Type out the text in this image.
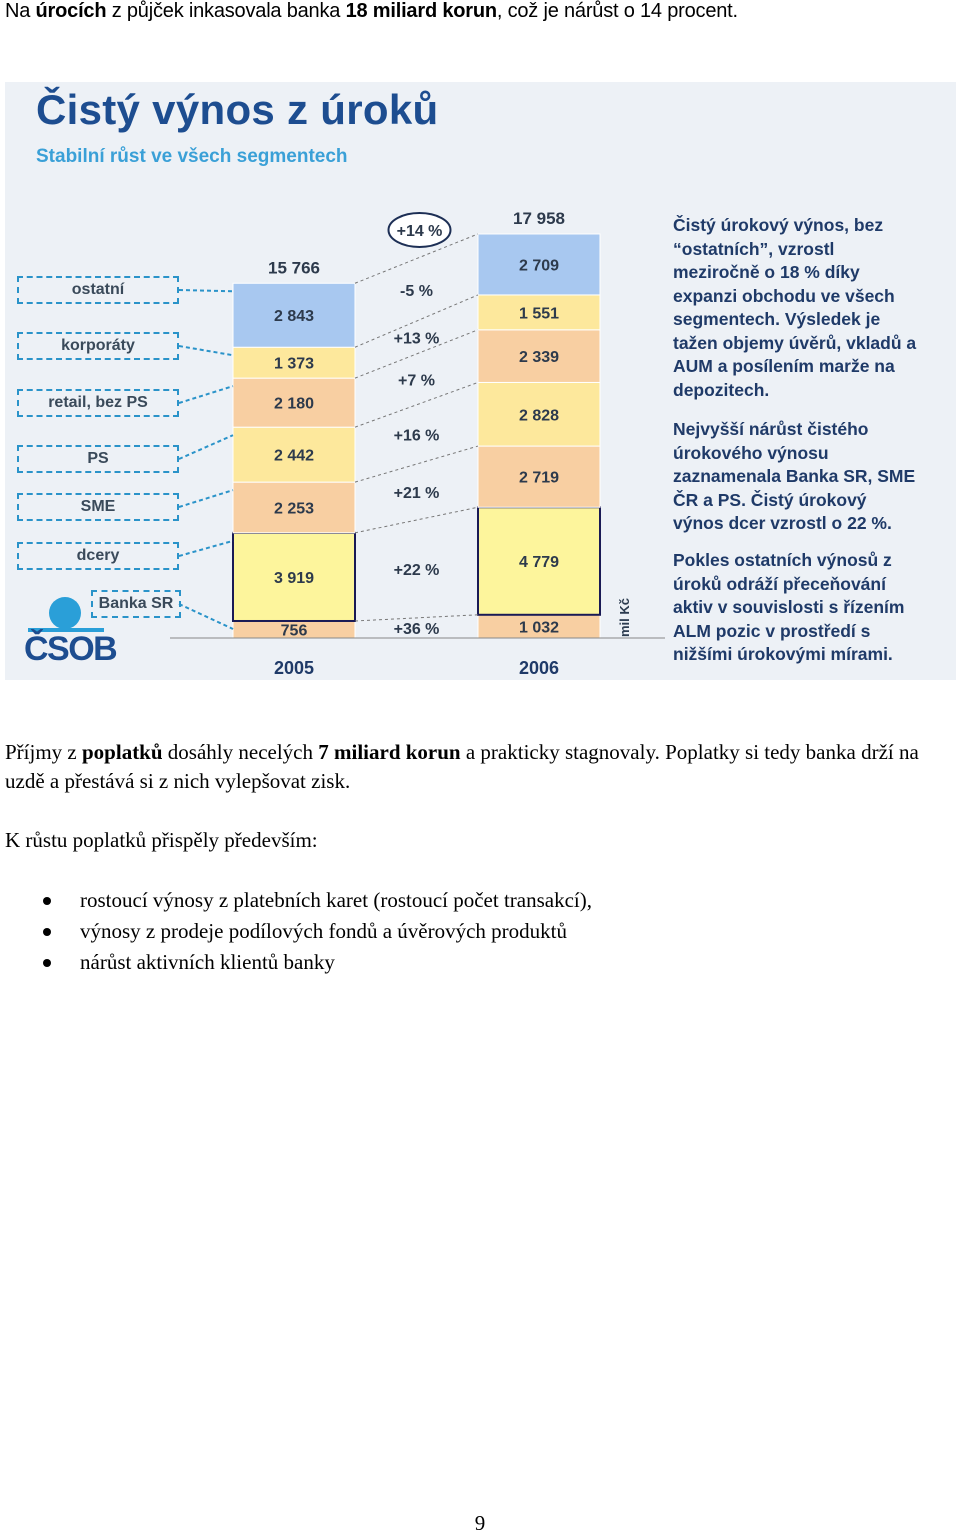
Na úrocích z půjček inkasovala banka 18 miliard korun, což je nárůst o 14 procent.

756
3 919
2 253
2 442
2 180
1 373
2 843
15 766
2005
1 032
4 779
2 719
2 828
2 339
1 551
2 709
17 958
2006
+36 %
+22 %
+21 %
+16 %
+7 %
+13 %
-5 %
+14 %
Čistý výnos z úroků
Stabilní růst ve všech segmentech
Banka SR
dcery
SME
PS
retail, bez PS
korporáty
ostatní

Čistý úrokový výnos, bez
“ostatních”, vzrostl
meziročně o 18 % díky
expanzi obchodu ve všech
segmentech. Výsledek je
tažen objemy úvěrů, vkladů a
AUM a posílením marže na
depozitech.

Nejvyšší nárůst čistého
úrokového výnosu
zaznamenala Banka SR, SME
ČR a PS. Čistý úrokový
výnos dcer vzrostl o 22 %.

Pokles ostatních výnosů z
úroků odráží přeceňování
aktiv v souvislosti s řízením
ALM pozic v prostředí s
nižšími úrokovými mírami.

mil Kč
ČSOB

Příjmy z poplatků dosáhly necelých 7 miliard korun a prakticky stagnovaly. Poplatky si tedy banka drží na uzdě a přestává si z nich vylepšovat zisk.

K růstu poplatků přispěly především:

rostoucí výnosy z platebních karet (rostoucí počet transakcí),
výnosy z prodeje podílových fondů a úvěrových produktů
nárůst aktivních klientů banky
9
